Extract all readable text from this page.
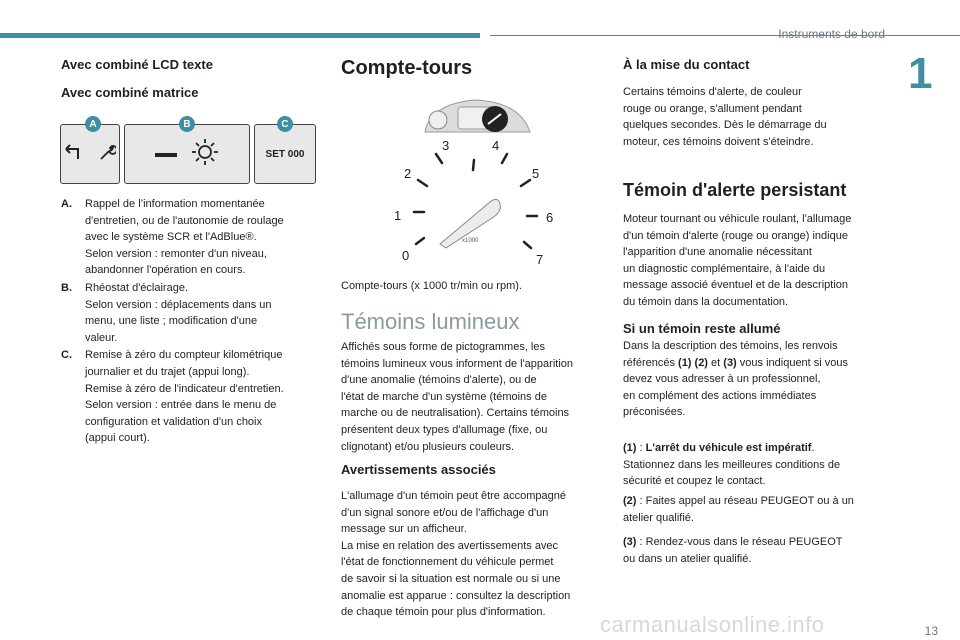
Instruments de bord
1
Avec combiné LCD texte
Avec combiné matrice
A	B
SET 000
C
A. Rappel de l’information momentanée
d'entretien, ou de l'autonomie de roulage
avec le système SCR et l'AdBlue®.
Selon version : remonter d'un niveau,
abandonner l'opération en cours.
B. Rhéostat d'éclairage.
Selon version : déplacements dans un
menu, une liste ; modification d'une
valeur.
C. Remise à zéro du compteur kilométrique
journalier et du trajet (appui long).
Remise à zéro de l'indicateur d'entretien.
Selon version : entrée dans le menu de
configuration et validation d'un choix
(appui court).
Compte-tours
0
1
2
3	4
5
6
7
x1000
Compte-tours (x 1000 tr/min ou rpm).
Témoins lumineux
Affichés sous forme de pictogrammes, les
témoins lumineux vous informent de l'apparition
d'une anomalie (témoins d'alerte), ou de
l'état de marche d'un système (témoins de
marche ou de neutralisation). Certains témoins
présentent deux types d'allumage (fixe, ou
clignotant) et/ou plusieurs couleurs.
Avertissements associés
L'allumage d'un témoin peut être accompagné
d'un signal sonore et/ou de l'affichage d'un
message sur un afficheur.
La mise en relation des avertissements avec
l'état de fonctionnement du véhicule permet
de savoir si la situation est normale ou si une
anomalie est apparue : consultez la description
de chaque témoin pour plus d'information.
À la mise du contact
Certains témoins d'alerte, de couleur
rouge ou orange, s'allument pendant
quelques secondes. Dès le démarrage du
moteur, ces témoins doivent s'éteindre.
Témoin d'alerte persistant
Moteur tournant ou véhicule roulant, l'allumage
d'un témoin d'alerte (rouge ou orange) indique
l'apparition d'une anomalie nécessitant
un diagnostic complémentaire, à l'aide du
message associé éventuel et de la description
du témoin dans la documentation.
Si un témoin reste allumé
Dans la description des témoins, les renvois
référencés (1) (2) et (3) vous indiquent si vous
devez vous adresser à un professionnel,
en complément des actions immédiates
préconisées.
(1) : L'arrêt du véhicule est impératif.
Stationnez dans les meilleures conditions de
sécurité et coupez le contact.
(2) : Faites appel au réseau PEUGEOT ou à un
atelier qualifié.
(3) : Rendez-vous dans le réseau PEUGEOT
ou dans un atelier qualifié.
carmanualsonline.info	13
